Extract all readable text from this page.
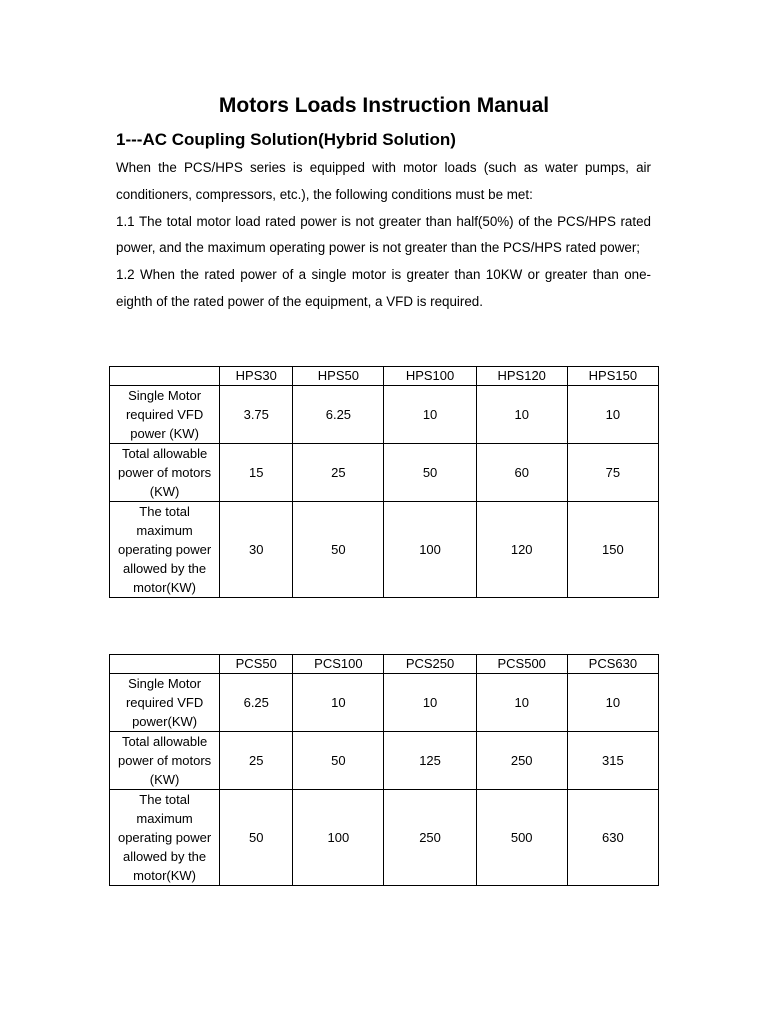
Motors Loads Instruction Manual
1---AC Coupling Solution(Hybrid Solution)

When the PCS/HPS series is equipped with motor loads (such as water pumps, air conditioners, compressors, etc.), the following conditions must be met:

1.1 The total motor load rated power is not greater than half(50%) of the PCS/HPS rated power, and the maximum operating power is not greater than the PCS/HPS rated power;

1.2 When the rated power of a single motor is greater than 10KW or greater than one-eighth of the rated power of the equipment, a VFD is required.

	HPS30	HPS50	HPS100	HPS120	HPS150
Single Motor required VFD power (KW)	3.75	6.25	10	10	10
Total allowable power of motors (KW)	15	25	50	60	75
The total maximum operating power allowed by the motor(KW)	30	50	100	120	150
	PCS50	PCS100	PCS250	PCS500	PCS630
Single Motor required VFD power(KW)	6.25	10	10	10	10
Total allowable power of motors (KW)	25	50	125	250	315
The total maximum operating power allowed by the motor(KW)	50	100	250	500	630
